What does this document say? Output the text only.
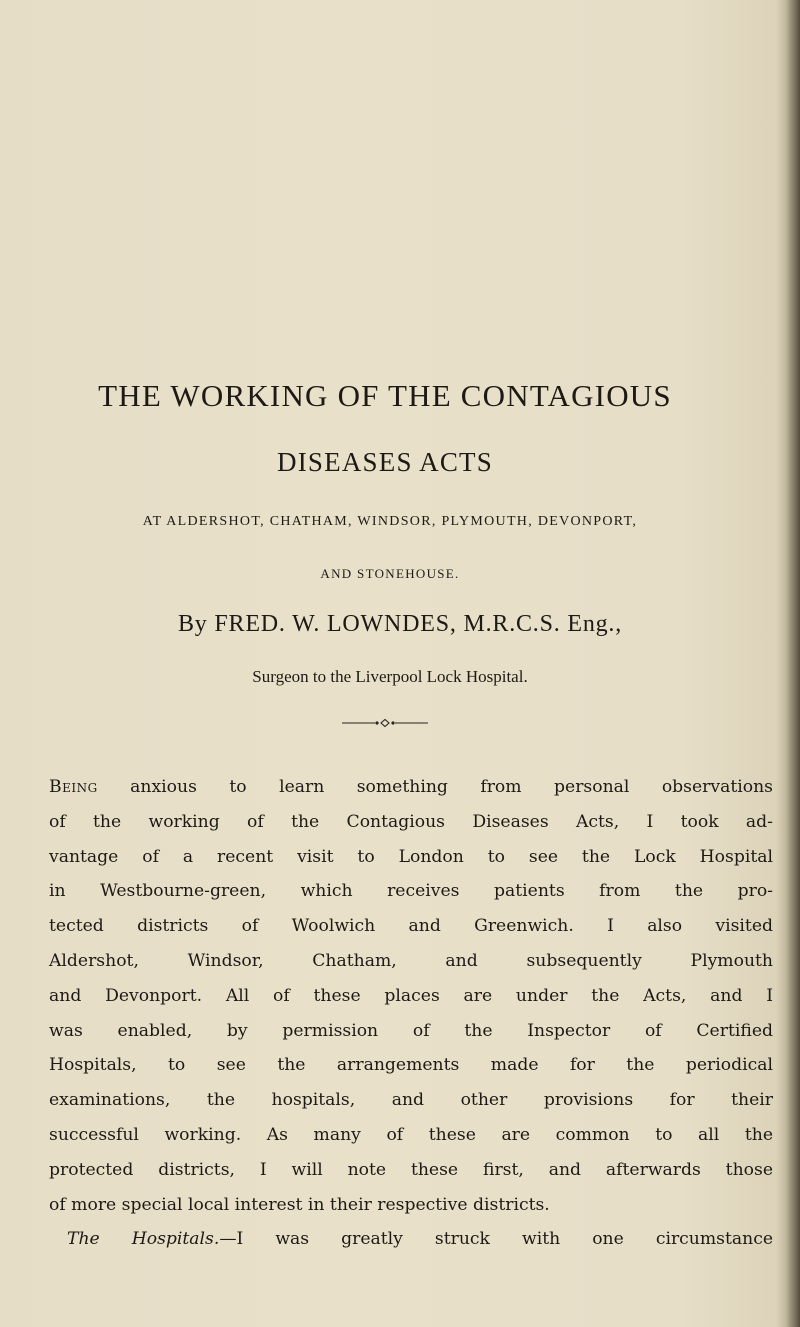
THE WORKING OF THE CONTAGIOUS
DISEASES ACTS

AT ALDERSHOT, CHATHAM, WINDSOR, PLYMOUTH, DEVONPORT,

AND STONEHOUSE.

By FRED. W. LOWNDES, M.R.C.S. Eng.,

Surgeon to the Liverpool Lock Hospital.

Being anxious to learn something from personal observations
of the working of the Contagious Diseases Acts, I took ad-
vantage of a recent visit to London to see the Lock Hospital
in Westbourne-green, which receives patients from the pro-
tected districts of Woolwich and Greenwich. I also visited
Aldershot, Windsor, Chatham, and subsequently Plymouth
and Devonport. All of these places are under the Acts, and I
was enabled, by permission of the Inspector of Certified
Hospitals, to see the arrangements made for the periodical
examinations, the hospitals, and other provisions for their
successful working. As many of these are common to all the
protected districts, I will note these first, and afterwards those
of more special local interest in their respective districts.
The Hospitals.—I was greatly struck with one circumstance
